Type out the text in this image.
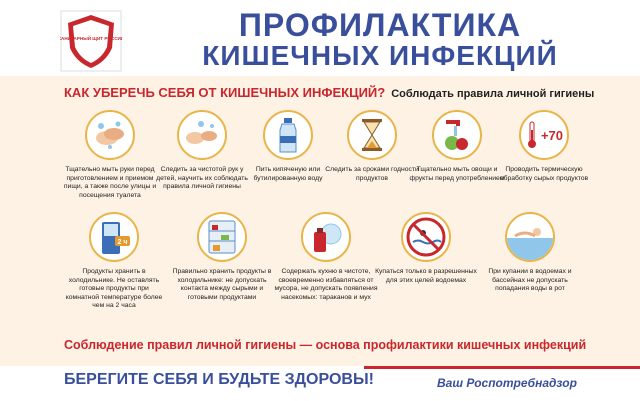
САНИТАРНЫЙ ЩИТ РОССИИ	ПРОФИЛАКТИКА
КИШЕЧНЫХ ИНФЕКЦИЙ
КАК УБЕРЕЧЬ СЕБЯ ОТ КИШЕЧНЫХ ИНФЕКЦИЙ? Соблюдать правила личной гигиены
Тщательно мыть руки перед приготовлением и приемом пищи, а также после улицы и посещения туалета
Следить за чистотой рук у детей, научить их соблюдать правила личной гигиены
Пить кипяченую или бутилированную воду
Следить за сроками годности продуктов
Тщательно мыть овощи и фрукты перед употреблением
+70
Проводить термическую обработку сырых продуктов
2 ч
Продукты хранить в холодильнике. Не оставлять готовые продукты при комнатной температуре более чем на 2 часа
Правильно хранить продукты в холодильнике: не допускать контакта между сырыми и готовыми продуктами
Содержать кухню в чистоте, своевременно избавляться от мусора, не допускать появления насекомых: тараканов и мух
Купаться только в разрешенных для этих целей водоемах
При купании в водоемах и бассейнах не допускать попадания воды в рот
Соблюдение правил личной гигиены — основа профилактики кишечных инфекций
БЕРЕГИТЕ СЕБЯ И БУДЬТЕ ЗДОРОВЫ!	Ваш Роспотребнадзор
